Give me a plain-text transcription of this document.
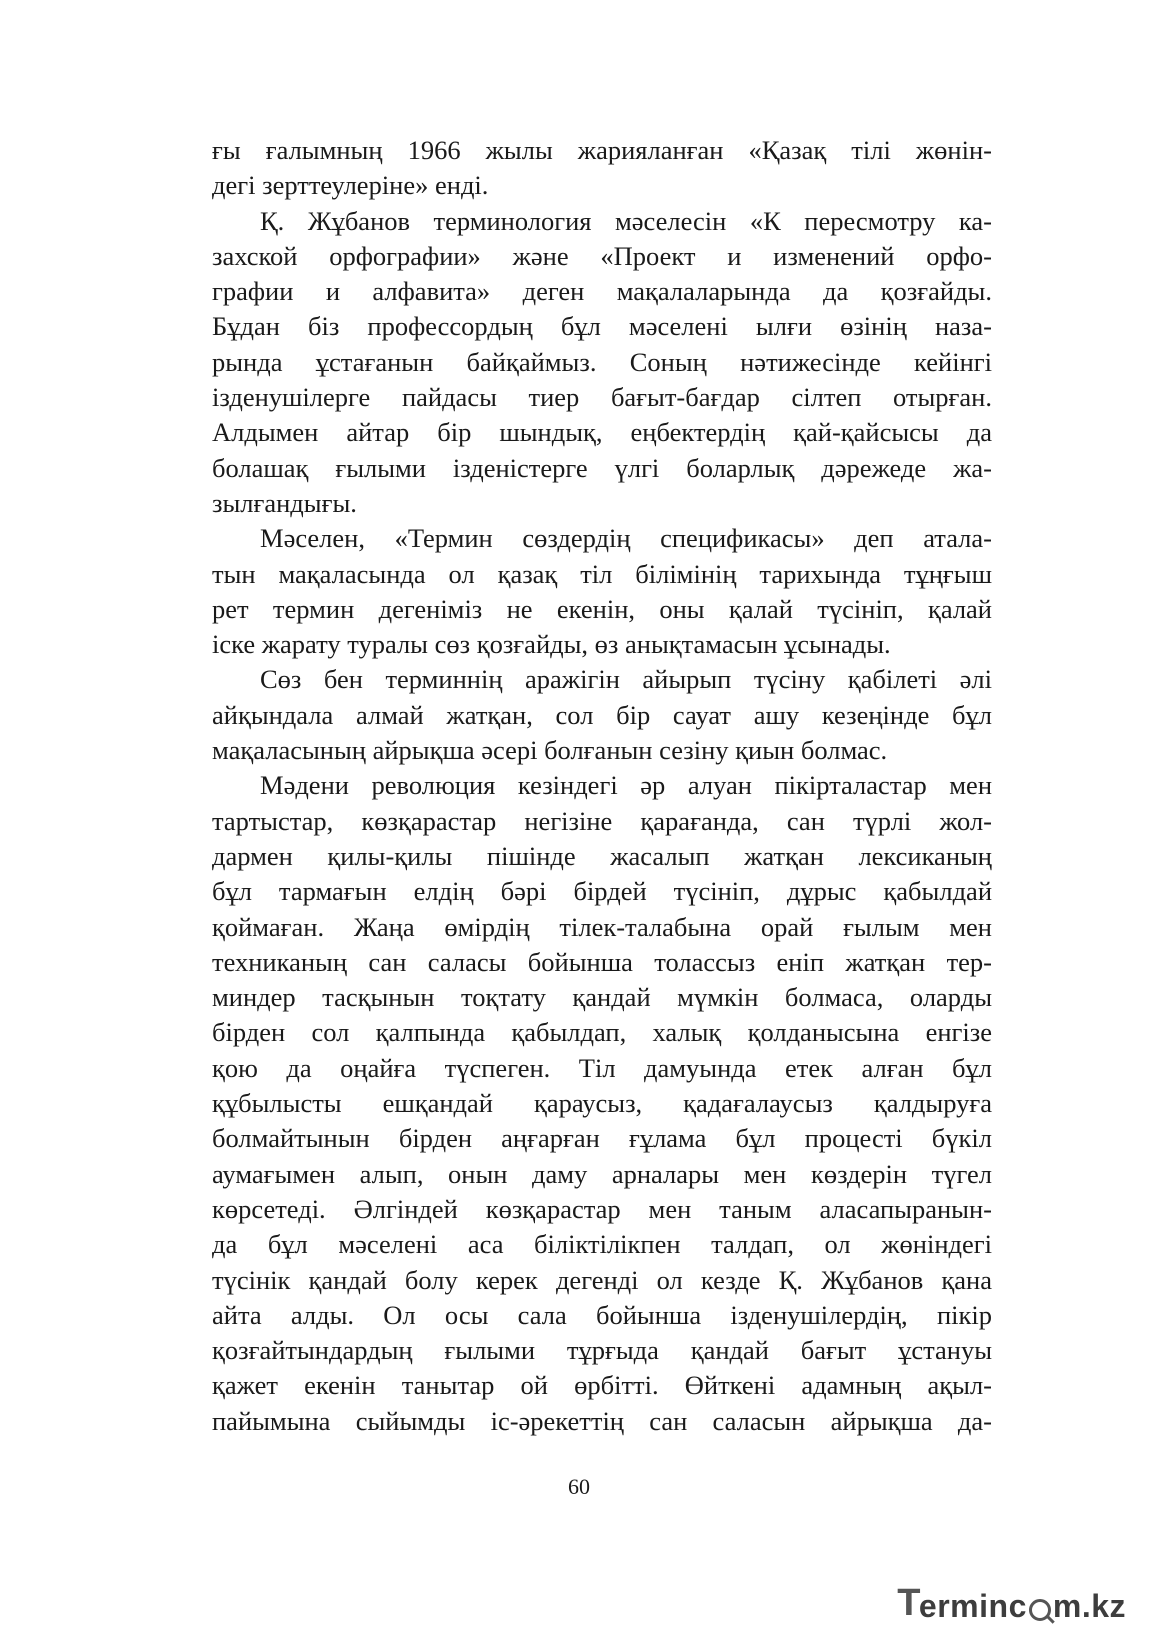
ғы ғалымның 1966 жылы жарияланған «Қазақ тілі жөнін-
дегі зерттеулеріне» енді.
Қ. Жұбанов терминология мәселесін «К пересмотру ка-
захской орфографии» және «Проект и изменений орфо-
графии и алфавита» деген мақалаларында да қозғайды.
Бұдан біз профессордың бұл мәселені ылғи өзінің наза-
рында ұстағанын байқаймыз. Соның нәтижесінде кейінгі
ізденушілерге пайдасы тиер бағыт-бағдар сілтеп отырған.
Алдымен айтар бір шындық, еңбектердің қай-қайсысы да
болашақ ғылыми ізденістерге үлгі боларлық дәрежеде жа-
зылғандығы.
Мәселен, «Термин сөздердің спецификасы» деп атала-
тын мақаласында ол қазақ тіл білімінің тарихында тұңғыш
рет термин дегеніміз не екенін, оны қалай түсініп, қалай
іске жарату туралы сөз қозғайды, өз анықтамасын ұсынады.
Сөз бен терминнің аражігін айырып түсіну қабілеті әлі
айқындала алмай жатқан, сол бір сауат ашу кезеңінде бұл
мақаласының айрықша әсері болғанын сезіну қиын болмас.
Мәдени революция кезіндегі әр алуан пікірталастар мен
тартыстар, көзқарастар негізіне қарағанда, сан түрлі жол-
дармен қилы-қилы пішінде жасалып жатқан лексиканың
бұл тармағын елдің бәрі бірдей түсініп, дұрыс қабылдай
қоймаған. Жаңа өмірдің тілек-талабына орай ғылым мен
техниканың сан саласы бойынша толассыз еніп жатқан тер-
миндер тасқынын тоқтату қандай мүмкін болмаса, оларды
бірден сол қалпында қабылдап, халық қолданысына енгізе
қою да оңайға түспеген. Тіл дамуында етек алған бұл
құбылысты ешқандай қараусыз, қадағалаусыз қалдыруға
болмайтынын бірден аңғарған ғұлама бұл процесті бүкіл
аумағымен алып, онын даму арналары мен көздерін түгел
көрсетеді. Әлгіндей көзқарастар мен таным аласапыранын-
да бұл мәселені аса біліктілікпен талдап, ол жөніндегі
түсінік қандай болу керек дегенді ол кезде Қ. Жұбанов қана
айта алды. Ол осы сала бойынша ізденушілердің, пікір
қозғайтындардың ғылыми тұрғыда қандай бағыт ұстануы
қажет екенін танытар ой өрбітті. Өйткені адамның ақыл-
пайымына сыйымды іс-әрекеттің сан саласын айрықша да-
60
T
erminc m.kz
